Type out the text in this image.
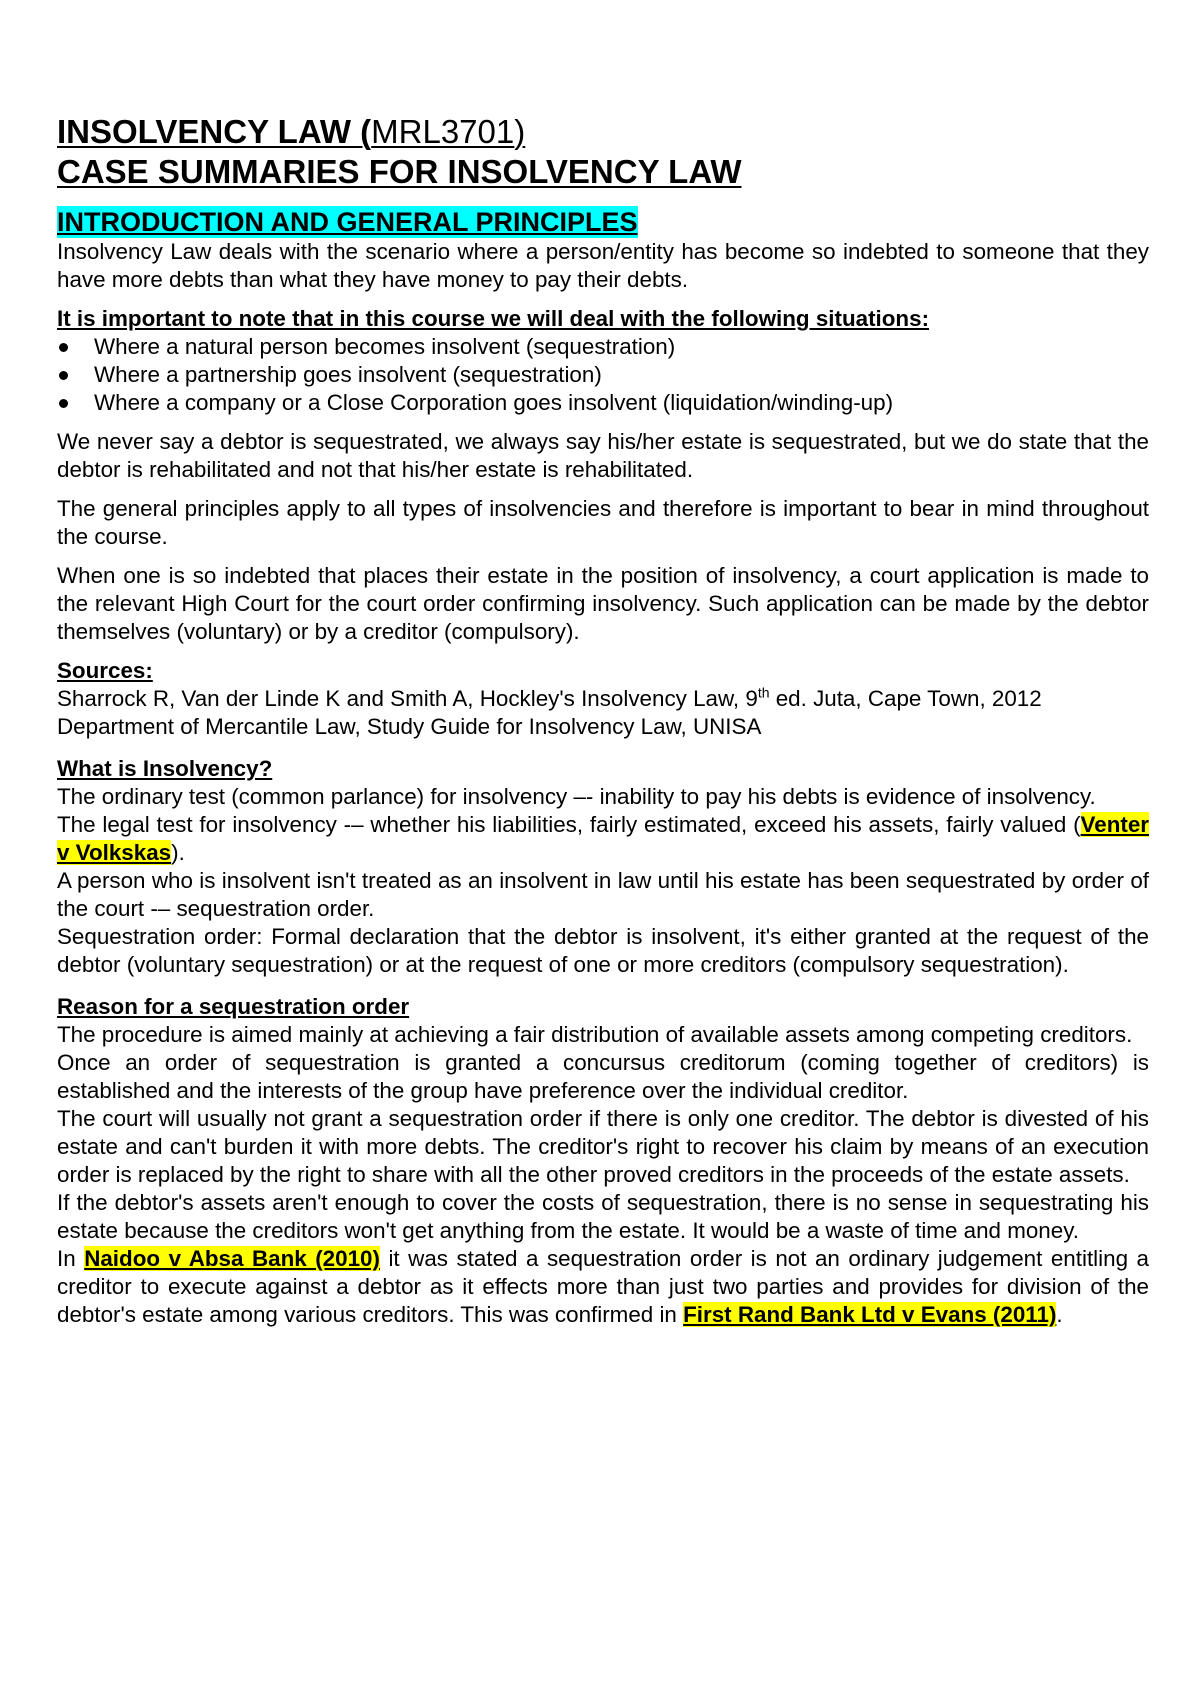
INSOLVENCY LAW (MRL3701)
CASE SUMMARIES FOR INSOLVENCY LAW
INTRODUCTION AND GENERAL PRINCIPLES

Insolvency Law deals with the scenario where a person/entity has become so indebted to someone that they have more debts than what they have money to pay their debts.

It is important to note that in this course we will deal with the following situations:

Where a natural person becomes insolvent (sequestration)
Where a partnership goes insolvent (sequestration)
Where a company or a Close Corporation goes insolvent (liquidation/winding-up)

We never say a debtor is sequestrated, we always say his/her estate is sequestrated, but we do state that the debtor is rehabilitated and not that his/her estate is rehabilitated.

The general principles apply to all types of insolvencies and therefore is important to bear in mind throughout the course.

When one is so indebted that places their estate in the position of insolvency, a court application is made to the relevant High Court for the court order confirming insolvency. Such application can be made by the debtor themselves (voluntary) or by a creditor (compulsory).

Sources:

Sharrock R, Van der Linde K and Smith A, Hockley's Insolvency Law, 9th ed. Juta, Cape Town, 2012

Department of Mercantile Law, Study Guide for Insolvency Law, UNISA

What is Insolvency?

The ordinary test (common parlance) for insolvency –- inability to pay his debts is evidence of insolvency.

The legal test for insolvency -– whether his liabilities, fairly estimated, exceed his assets, fairly valued (Venter v Volkskas).

A person who is insolvent isn't treated as an insolvent in law until his estate has been sequestrated by order of the court -– sequestration order.

Sequestration order: Formal declaration that the debtor is insolvent, it's either granted at the request of the debtor (voluntary sequestration) or at the request of one or more creditors (compulsory sequestration).

Reason for a sequestration order

The procedure is aimed mainly at achieving a fair distribution of available assets among competing creditors.

Once an order of sequestration is granted a concursus creditorum (coming together of creditors) is established and the interests of the group have preference over the individual creditor.

The court will usually not grant a sequestration order if there is only one creditor. The debtor is divested of his estate and can't burden it with more debts. The creditor's right to recover his claim by means of an execution order is replaced by the right to share with all the other proved creditors in the proceeds of the estate assets.

If the debtor's assets aren't enough to cover the costs of sequestration, there is no sense in sequestrating his estate because the creditors won't get anything from the estate. It would be a waste of time and money.

In Naidoo v Absa Bank (2010) it was stated a sequestration order is not an ordinary judgement entitling a creditor to execute against a debtor as it effects more than just two parties and provides for division of the debtor's estate among various creditors. This was confirmed in First Rand Bank Ltd v Evans (2011).
